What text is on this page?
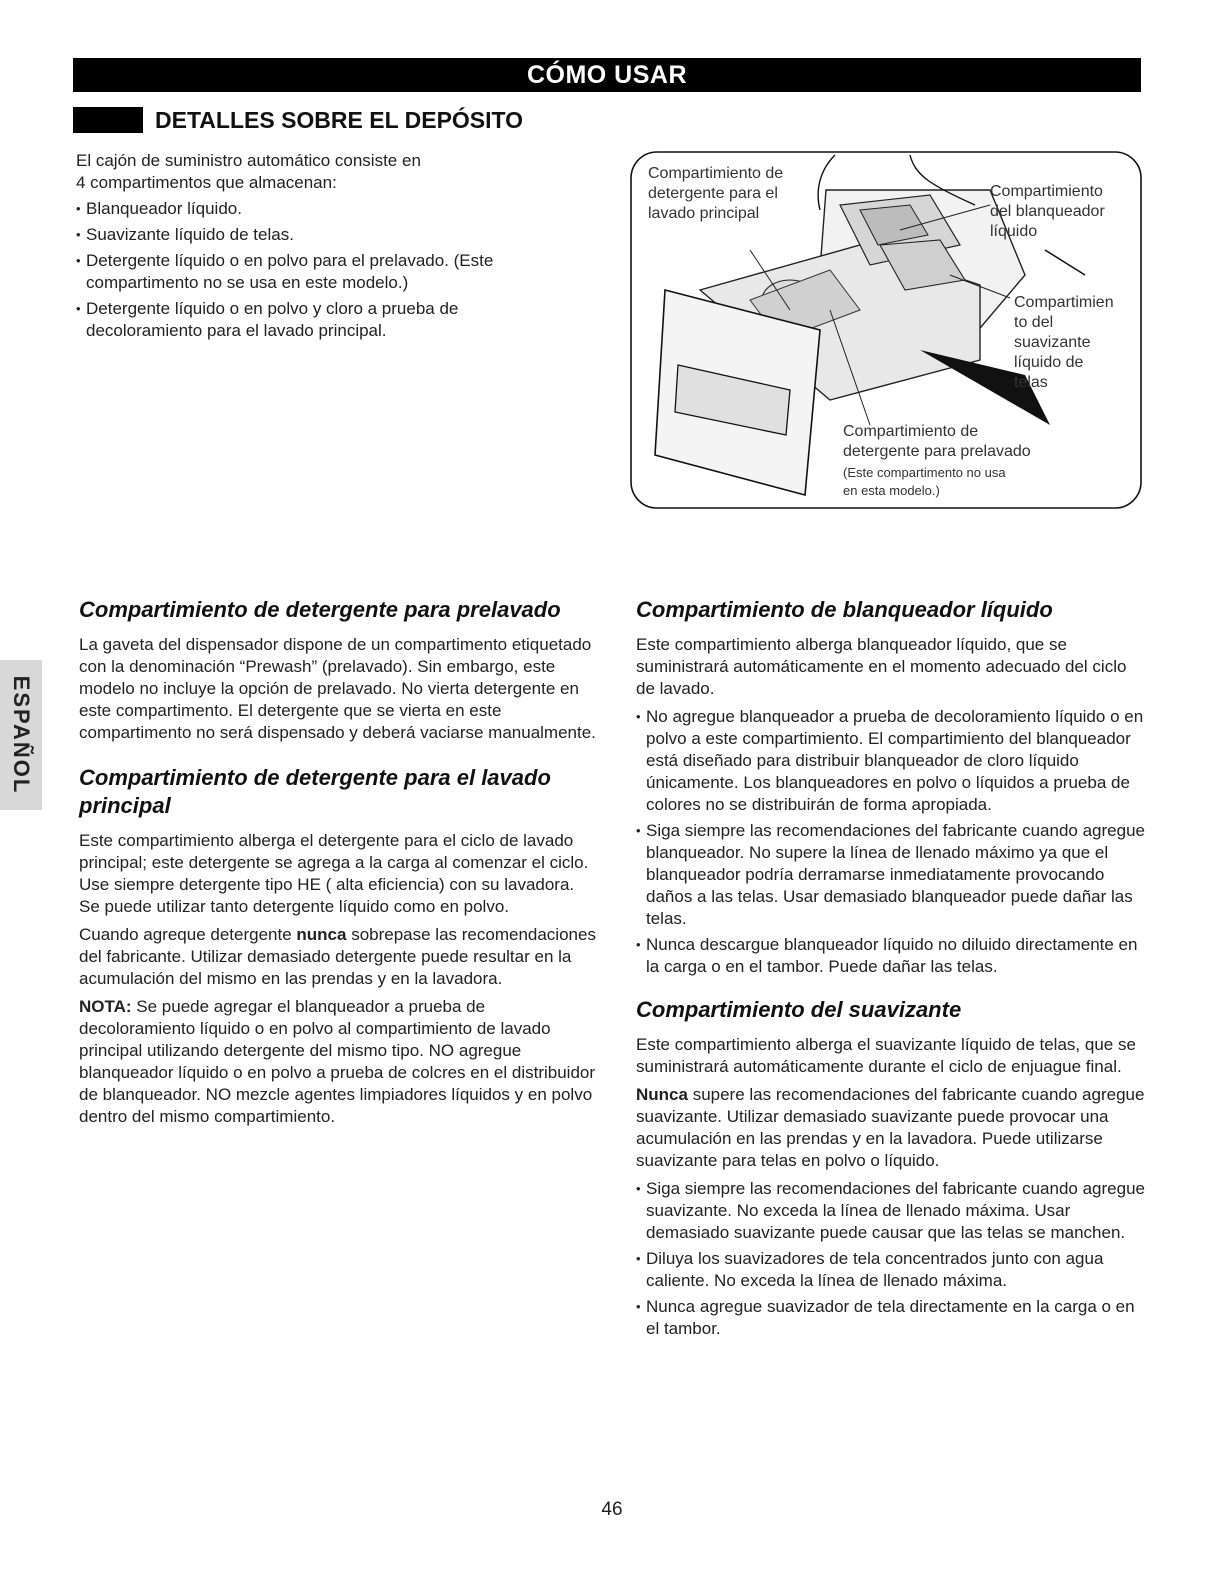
CÓMO USAR
DETALLES SOBRE EL DEPÓSITO

El cajón de suministro automático consiste en

4 compartimentos que almacenan:

• Blanqueador líquido.
• Suavizante líquido de telas.
• Detergente líquido o en polvo para el prelavado. (Este compartimento no se usa en este modelo.)
• Detergente líquido o en polvo y cloro a prueba de decoloramiento para el lavado principal.
Compartimiento de
detergente para el
lavado principal
Compartimiento
del blanqueador
líquido
Compartimien
to del
suavizante
líquido de
telas
Compartimiento de
detergente para prelavado
(Este compartimento no usa
en esta modelo.)
ESPAÑOL
Compartimiento de detergente para prelavado

La gaveta del dispensador dispone de un compartimento etiquetado con la denominación “Prewash” (prelavado). Sin embargo, este modelo no incluye la opción de prelavado. No vierta detergente en este compartimento. El detergente que se vierta en este compartimento no será dispensado y deberá vaciarse manualmente.

Compartimiento de detergente para el lavado principal

Este compartimiento alberga el detergente para el ciclo de lavado principal; este detergente se agrega a la carga al comenzar el ciclo. Use siempre detergente tipo HE ( alta eficiencia) con su lavadora. Se puede utilizar tanto detergente líquido como en polvo.

Cuando agreque detergente nunca sobrepase las recomendaciones del fabricante. Utilizar demasiado detergente puede resultar en la acumulación del mismo en las prendas y en la lavadora.

NOTA: Se puede agregar el blanqueador a prueba de decoloramiento líquido o en polvo al compartimiento de lavado principal utilizando detergente del mismo tipo. NO agregue blanqueador líquido o en polvo a prueba de colcres en el distribuidor de blanqueador. NO mezcle agentes limpiadores líquidos y en polvo dentro del mismo compartimiento.

Compartimiento de blanqueador líquido

Este compartimiento alberga blanqueador líquido, que se suministrará automáticamente en el momento adecuado del ciclo de lavado.

• No agregue blanqueador a prueba de decoloramiento líquido o en polvo a este compartimiento. El compartimiento del blanqueador está diseñado para distribuir blanqueador de cloro líquido únicamente. Los blanqueadores en polvo o líquidos a prueba de colores no se distribuirán de forma apropiada.
• Siga siempre las recomendaciones del fabricante cuando agregue blanqueador. No supere la línea de llenado máximo ya que el blanqueador podría derramarse inmediatamente provocando daños a las telas. Usar demasiado blanqueador puede dañar las telas.
• Nunca descargue blanqueador líquido no diluido directamente en la carga o en el tambor. Puede dañar las telas.
Compartimiento del suavizante

Este compartimiento alberga el suavizante líquido de telas, que se suministrará automáticamente durante el ciclo de enjuague final.

Nunca supere las recomendaciones del fabricante cuando agregue suavizante. Utilizar demasiado suavizante puede provocar una acumulación en las prendas y en la lavadora. Puede utilizarse suavizante para telas en polvo o líquido.

• Siga siempre las recomendaciones del fabricante cuando agregue suavizante. No exceda la línea de llenado máxima. Usar demasiado suavizante puede causar que las telas se manchen.
• Diluya los suavizadores de tela concentrados junto con agua caliente. No exceda la línea de llenado máxima.
• Nunca agregue suavizador de tela directamente en la carga o en el tambor.
46
